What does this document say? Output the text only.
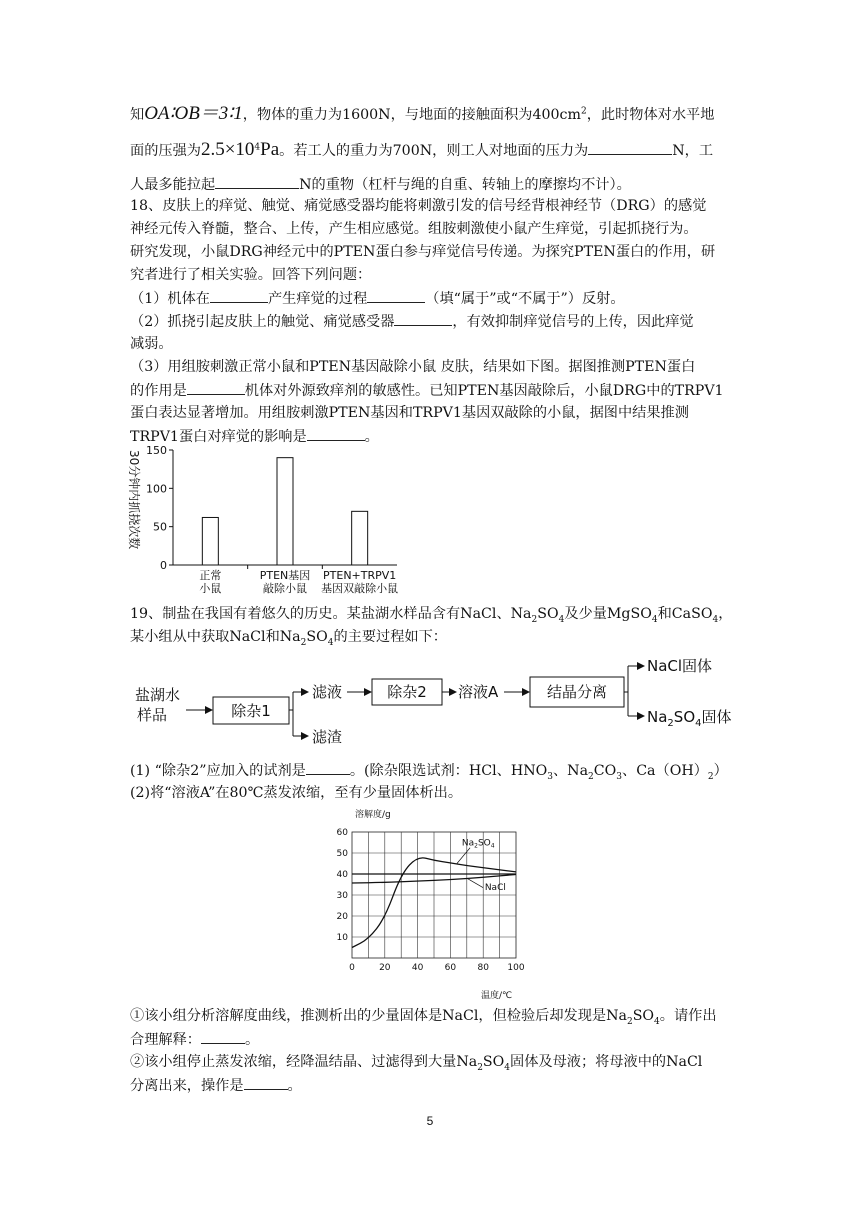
知OA∶OB＝3∶1，物体的重力为1600N，与地面的接触面积为$400cm^2$，此时物体对水平地
面的压强为$2.5\times 10^4Pa$。若工人的重力为700N，则工人对地面的压力为	N，工
人最多能拉起	N的重物（杠杆与绳的自重、转轴上的摩擦均不计）。
18、皮肤上的痒觉、触觉、痛觉感受器均能将刺激引发的信号经背根神经节（DRG）的感觉
神经元传入脊髓，整合、上传，产生相应感觉。组胺刺激使小鼠产生痒觉，引起抓挠行为。
研究发现，小鼠DRG神经元中的PTEN蛋白参与痒觉信号传递。为探究PTEN蛋白的作用，研
究者进行了相关实验。回答下列问题：
（1）机体在	产生痒觉的过程	（填“属于”或“不属于”）反射。
（2）抓挠引起皮肤上的触觉、痛觉感受器	，有效抑制痒觉信号的上传，因此痒觉
减弱。
（3）用组胺刺激正常小鼠和PTEN基因敲除小鼠 皮肤，结果如下图。据图推测PTEN蛋白
的作用是	机体对外源致痒剂的敏感性。已知PTEN基因敲除后，小鼠DRG中的TRPV1
蛋白表达显著增加。用组胺刺激PTEN基因和TRPV1基因双敲除的小鼠，据图中结果推测
TRPV1蛋白对痒觉的影响是	。
30分钟内抓挠次数
0
50
100
150
正常
小鼠
PTEN基因
敲除小鼠
PTEN+TRPV1
基因双敲除小鼠
19、制盐在我国有着悠久的历史。某盐湖水样品含有NaCl、$Na_2SO_4$及少量MgSO$_4$和CaSO$_4$，
某小组从中获取NaCl和$Na_2SO_4$的主要过程如下：
盐湖水
样品	除杂1
滤液
滤渣
除杂2 溶液A	结晶分离
NaCl固体
$Na_2SO_4$固体
(1) “除杂2”应加入的试剂是	。(除杂限选试剂：HCl、$HNO_3$、$Na_2CO_3$、$Ca(OH)_2$）
(2)将“溶液A”在80℃蒸发浓缩，至有少量固体析出。
溶解度/g
0	20 40 60 80 100
10
20
30
40
50
60
$Na_2SO_4$
NaCl
温度/℃
①该小组分析溶解度曲线，推测析出的少量固体是NaCl，但检验后却发现是$Na_2SO_4$。请作出
合理解释：	。
②该小组停止蒸发浓缩，经降温结晶、过滤得到大量$Na_2SO_4$固体及母液；将母液中的NaCl
分离出来，操作是	。
5
